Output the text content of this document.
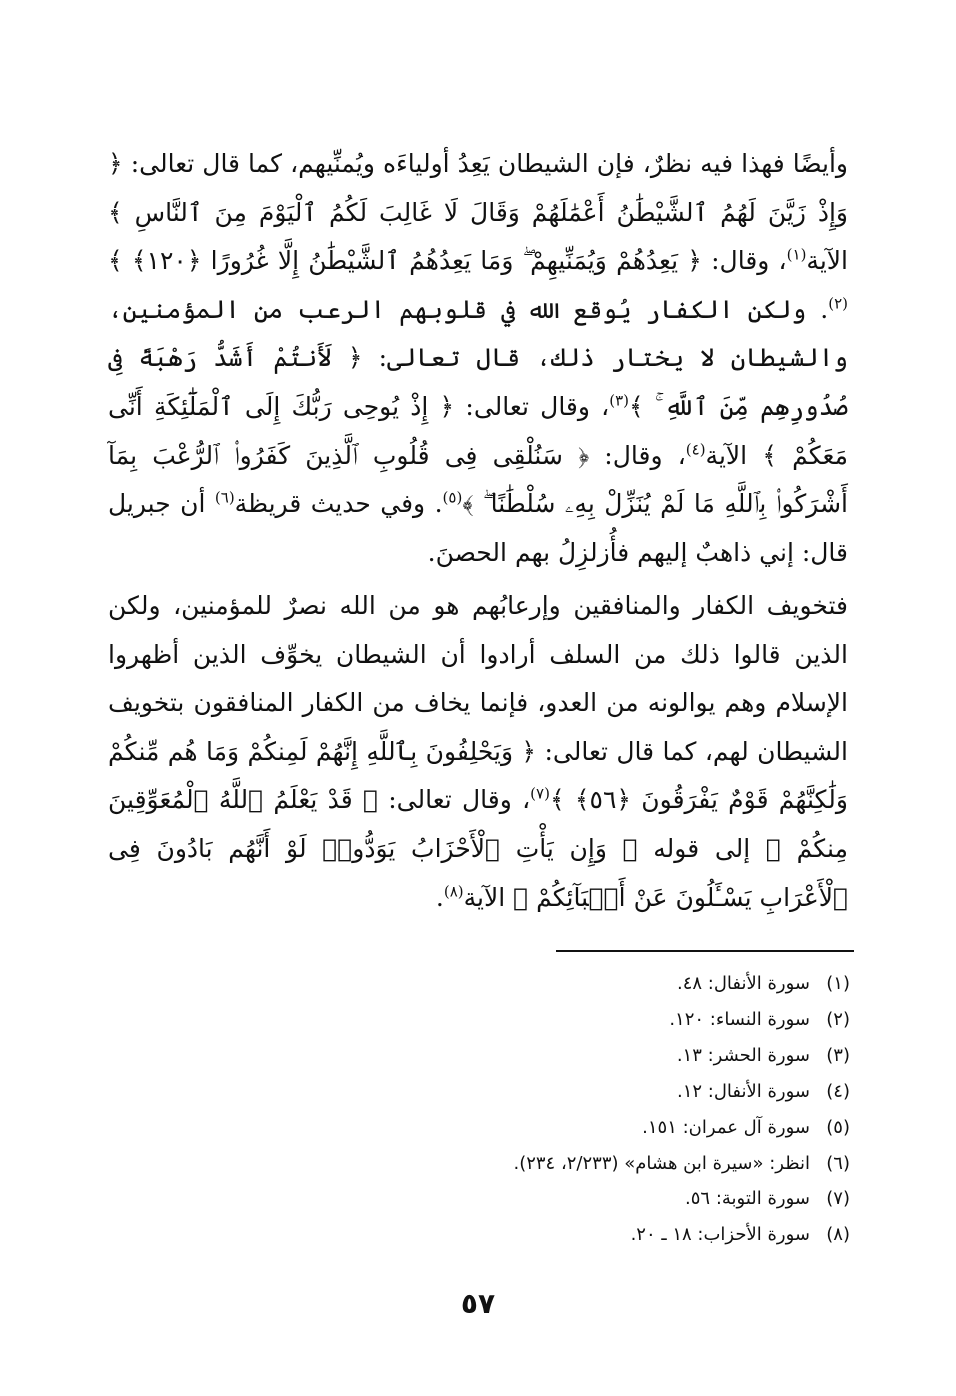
وأيضًا فهذا فيه نظرٌ، فإن الشيطان يَعِدُ أولياءَه ويُمنِّيهم، كما قال تعالى: ﴿ وَإِذْ زَيَّنَ لَهُمُ ٱلشَّيْطَٰنُ أَعْمَٰلَهُمْ وَقَالَ لَا غَالِبَ لَكُمُ ٱلْيَوْمَ مِنَ ٱلنَّاسِ ﴾ الآية$^{(١)}$، وقال: ﴿ يَعِدُهُمْ وَيُمَنِّيهِمْ ۖ وَمَا يَعِدُهُمُ ٱلشَّيْطَٰنُ إِلَّا غُرُورًا ﴿١٢٠﴾ ﴾$^{(٢)}$. ولكن الكفار يُوقع الله في قلوبهم الرعب من المؤمنين، والشيطان لا يختار ذلك، قال تعالى: ﴿ لَأَنتُمْ أَشَدُّ رَهْبَةً فِى صُدُورِهِم مِّنَ ٱللَّهِ ۚ ﴾$^{(٣)}$، وقال تعالى: ﴿ إِذْ يُوحِى رَبُّكَ إِلَى ٱلْمَلَٰٓئِكَةِ أَنِّى مَعَكُمْ ﴾ الآية$^{(٤)}$، وقال: ﴿ سَنُلْقِى فِى قُلُوبِ ٱلَّذِينَ كَفَرُوا۟ ٱلرُّعْبَ بِمَآ أَشْرَكُوا۟ بِٱللَّهِ مَا لَمْ يُنَزِّلْ بِهِۦ سُلْطَٰنًا ۖ ﴾$^{(٥)}$. وفي حديث قريظة$^{(٦)}$ أن جبريل قال: إني ذاهبٌ إليهم فأُزلزِلُ بهم الحصنَ.
فتخويف الكفار والمنافقين وإرعابُهم هو من الله نصرٌ للمؤمنين، ولكن الذين قالوا ذلك من السلف أرادوا أن الشيطان يخوِّف الذين أظهروا الإسلام وهم يوالونه من العدو، فإنما يخاف من الكفار المنافقون بتخويف الشيطان لهم، كما قال تعالى: ﴿ وَيَحْلِفُونَ بِٱللَّهِ إِنَّهُمْ لَمِنكُمْ وَمَا هُم مِّنكُمْ وَلَٰكِنَّهُمْ قَوْمٌ يَفْرَقُونَ ﴿٥٦﴾ ﴾$^{(٧)}$، وقال تعالى: ﴿ قَدْ يَعْلَمُ ٱللَّهُ ٱلْمُعَوِّقِينَ مِنكُمْ ﴾ إلى قوله ﴿ وَإِن يَأْتِ ٱلْأَحْزَابُ يَوَدُّوا۟ لَوْ أَنَّهُم بَادُونَ فِى ٱلْأَعْرَابِ يَسْـَٔلُونَ عَنْ أَنۢبَآئِكُمْ ﴾ الآية$^{(٨)}$.
(١)سورة الأنفال: ٤٨.
(٢)سورة النساء: ١٢٠.
(٣)سورة الحشر: ١٣.
(٤)سورة الأنفال: ١٢.
(٥)سورة آل عمران: ١٥١.
(٦)انظر: «سيرة ابن هشام» (٢/٢٣٣، ٢٣٤).
(٧)سورة التوبة: ٥٦.
(٨)سورة الأحزاب: ١٨ ـ ٢٠.
٥٧
